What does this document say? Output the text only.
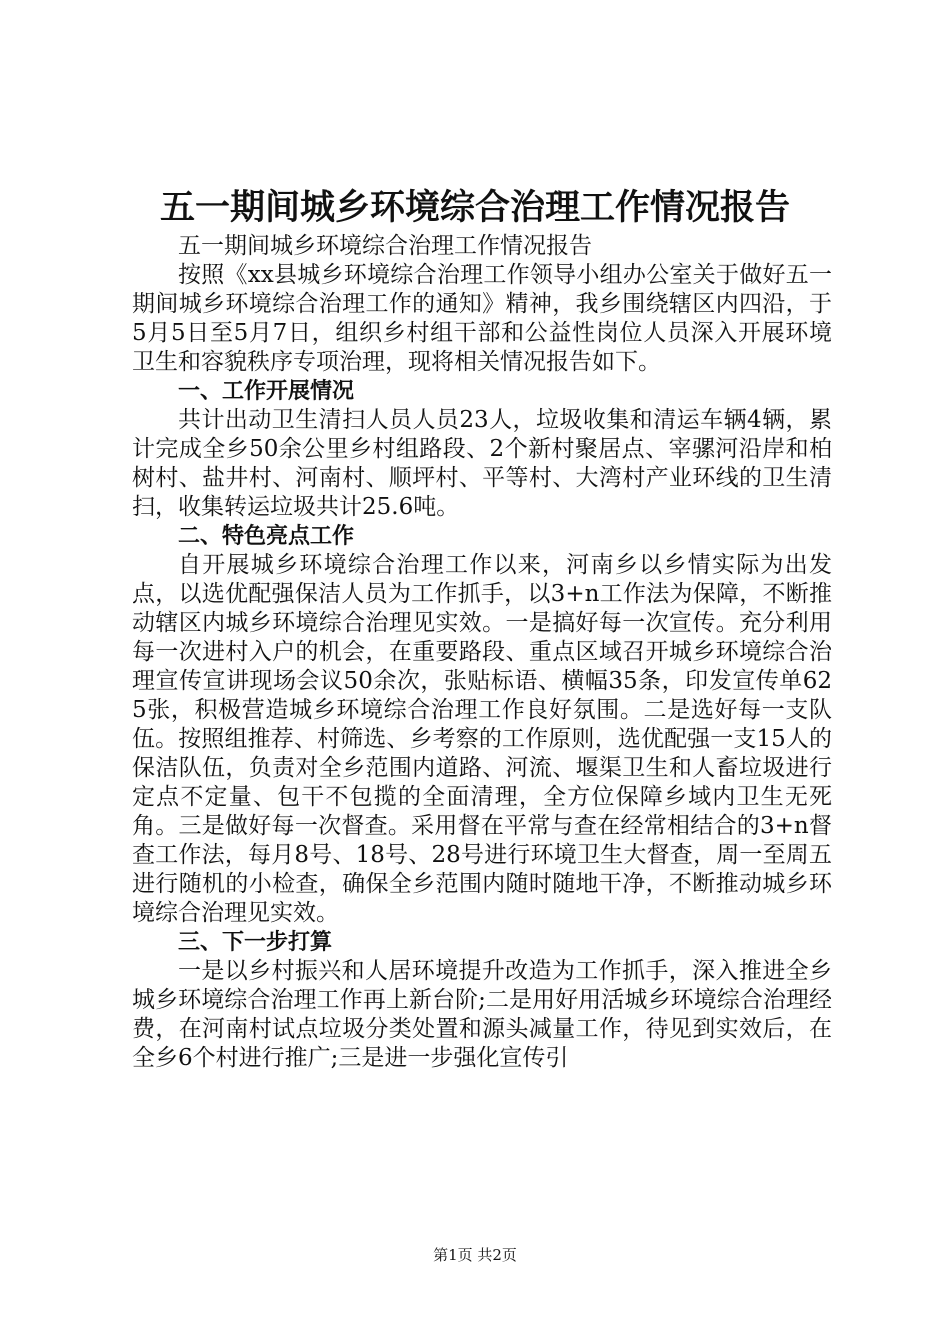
五一期间城乡环境综合治理工作情况报告

五一期间城乡环境综合治理工作情况报告

按照《xx县城乡环境综合治理工作领导小组办公室关于做好五一期间城乡环境综合治理工作的通知》精神，我乡围绕辖区内四沿，于5月5日至5月7日，组织乡村组干部和公益性岗位人员深入开展环境卫生和容貌秩序专项治理，现将相关情况报告如下。

一、工作开展情况

共计出动卫生清扫人员人员23人，垃圾收集和清运车辆4辆，累计完成全乡50余公里乡村组路段、2个新村聚居点、宰骡河沿岸和柏树村、盐井村、河南村、顺坪村、平等村、大湾村产业环线的卫生清扫，收集转运垃圾共计25.6吨。

二、特色亮点工作

自开展城乡环境综合治理工作以来，河南乡以乡情实际为出发点，以选优配强保洁人员为工作抓手，以3+n工作法为保障，不断推动辖区内城乡环境综合治理见实效。一是搞好每一次宣传。充分利用每一次进村入户的机会，在重要路段、重点区域召开城乡环境综合治理宣传宣讲现场会议50余次，张贴标语、横幅35条，印发宣传单625张，积极营造城乡环境综合治理工作良好氛围。二是选好每一支队伍。按照组推荐、村筛选、乡考察的工作原则，选优配强一支15人的保洁队伍，负责对全乡范围内道路、河流、堰渠卫生和人畜垃圾进行定点不定量、包干不包揽的全面清理，全方位保障乡域内卫生无死角。三是做好每一次督查。采用督在平常与查在经常相结合的3+n督查工作法，每月8号、18号、28号进行环境卫生大督查，周一至周五进行随机的小检查，确保全乡范围内随时随地干净，不断推动城乡环境综合治理见实效。

三、下一步打算

一是以乡村振兴和人居环境提升改造为工作抓手，深入推进全乡城乡环境综合治理工作再上新台阶;二是用好用活城乡环境综合治理经费，在河南村试点垃圾分类处置和源头减量工作，待见到实效后，在全乡6个村进行推广;三是进一步强化宣传引

第1页 共2页
